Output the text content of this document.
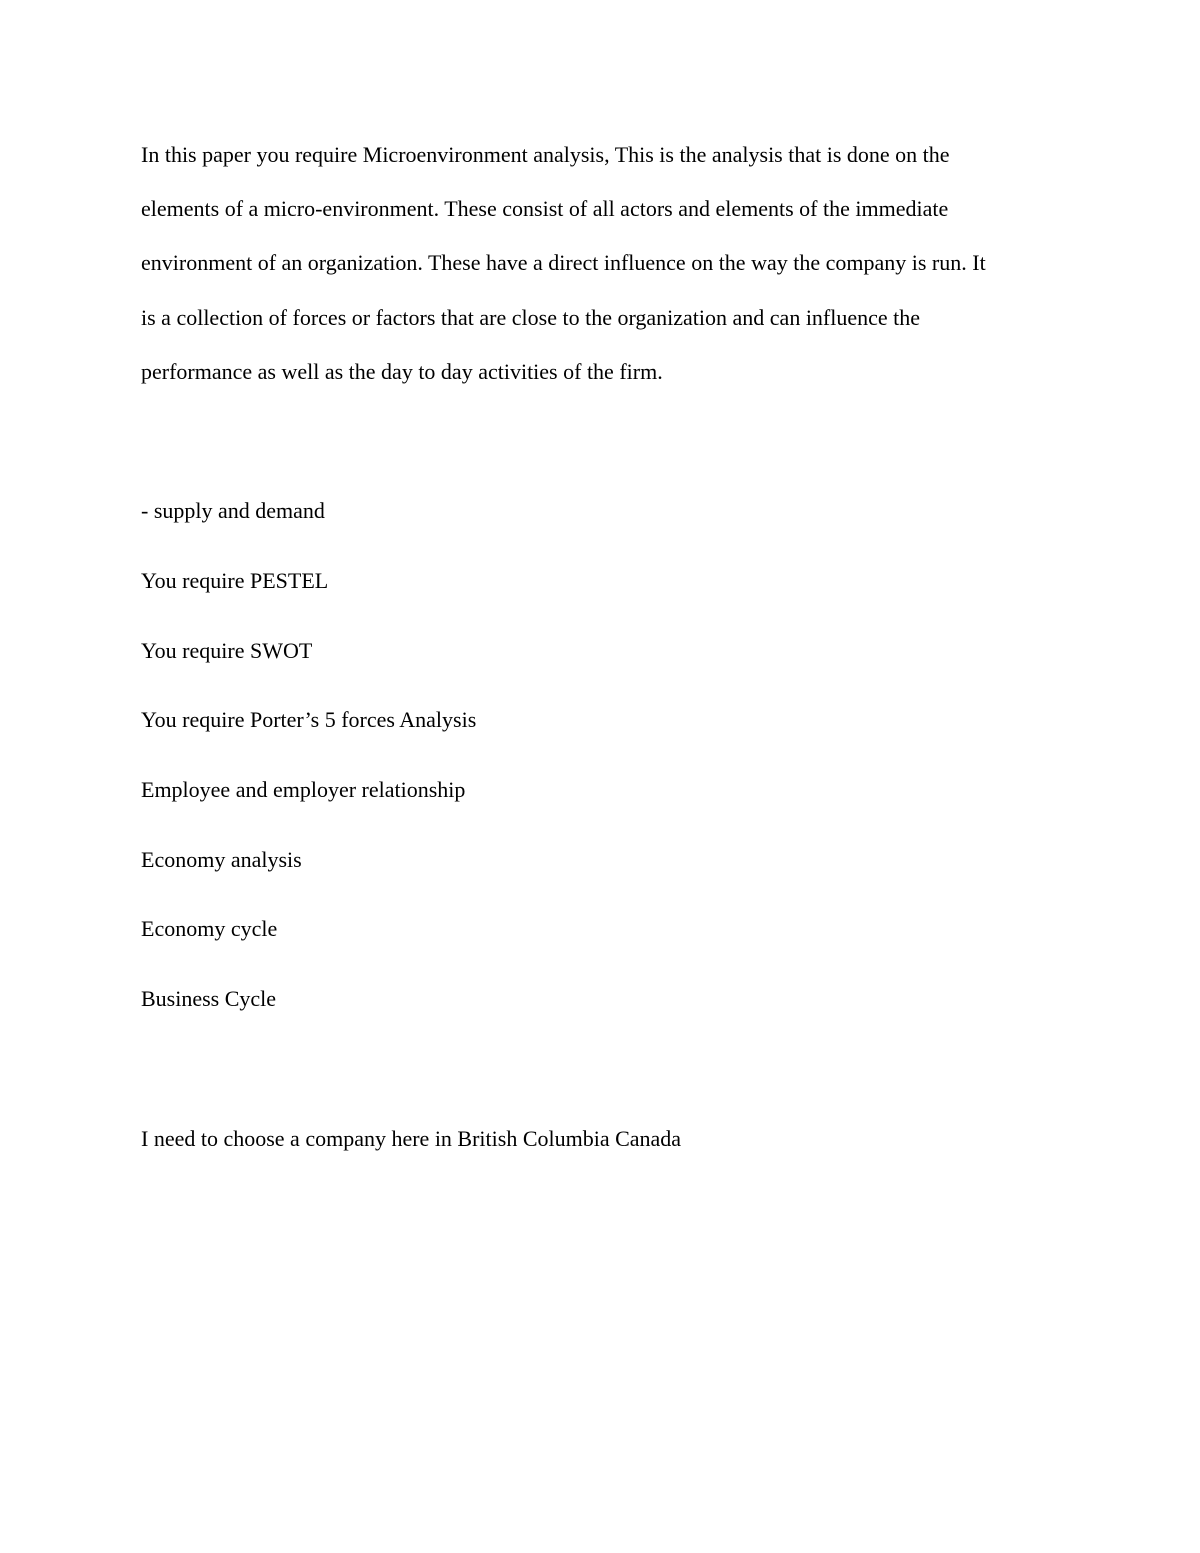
In this paper you require Microenvironment analysis, This is the analysis that is done on the
elements of a micro-environment. These consist of all actors and elements of the immediate
environment of an organization. These have a direct influence on the way the company is run. It
is a collection of forces or factors that are close to the organization and can influence the
performance as well as the day to day activities of the firm.
- supply and demand
You require PESTEL
You require SWOT
You require Porter’s 5 forces Analysis
Employee and employer relationship
Economy analysis
Economy cycle
Business Cycle
I need to choose a company here in British Columbia Canada
